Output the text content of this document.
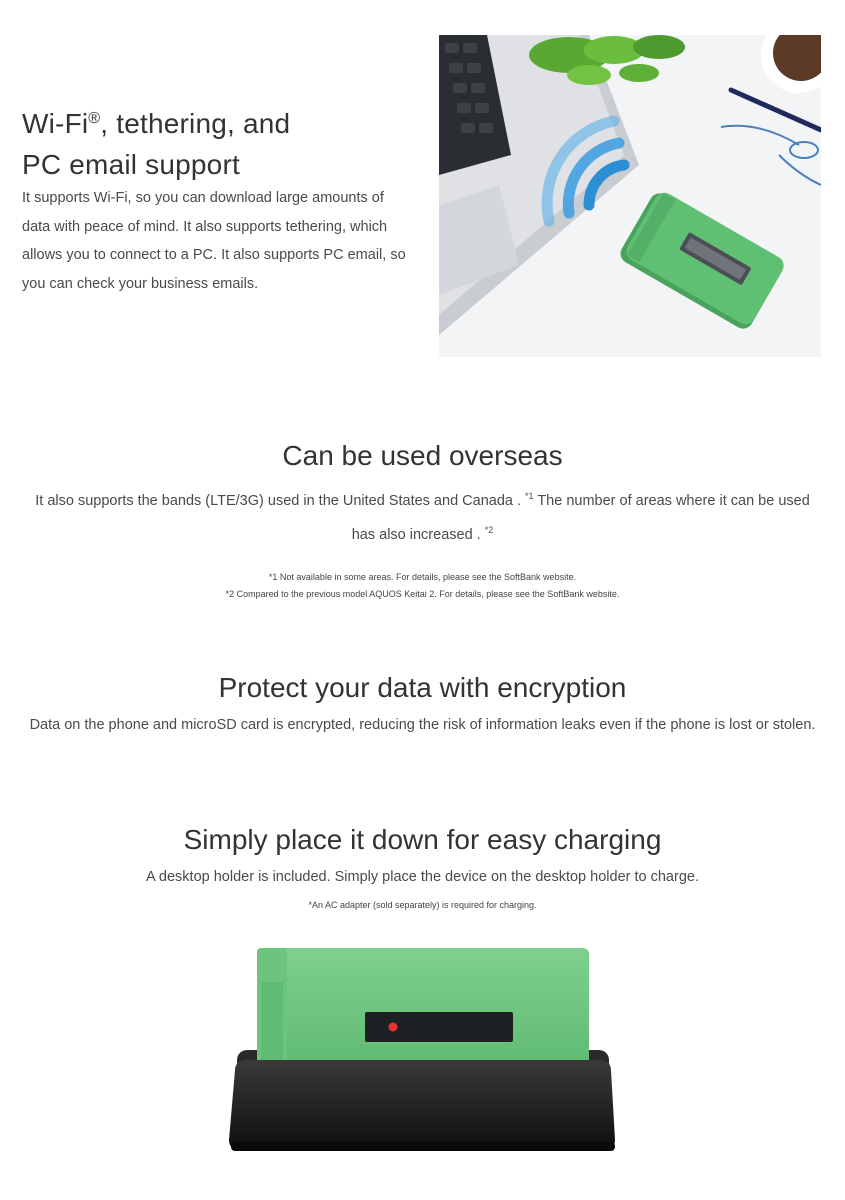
Wi-Fi®, tethering, and
PC email support

It supports Wi-Fi, so you can download large amounts of data with peace of mind. It also supports tethering, which allows you to connect to a PC. It also supports PC email, so you can check your business emails.

Can be used overseas

It also supports the bands (LTE/3G) used in the United States and Canada . $^{*1}$ The number of areas where it can be used has also increased . $^{*2}$

*1 Not available in some areas. For details, please see the SoftBank website.

*2 Compared to the previous model AQUOS Keitai 2. For details, please see the SoftBank website.

Protect your data with encryption

Data on the phone and microSD card is encrypted, reducing the risk of information leaks even if the phone is lost or stolen.

Simply place it down for easy charging

A desktop holder is included. Simply place the device on the desktop holder to charge.

*An AC adapter (sold separately) is required for charging.
